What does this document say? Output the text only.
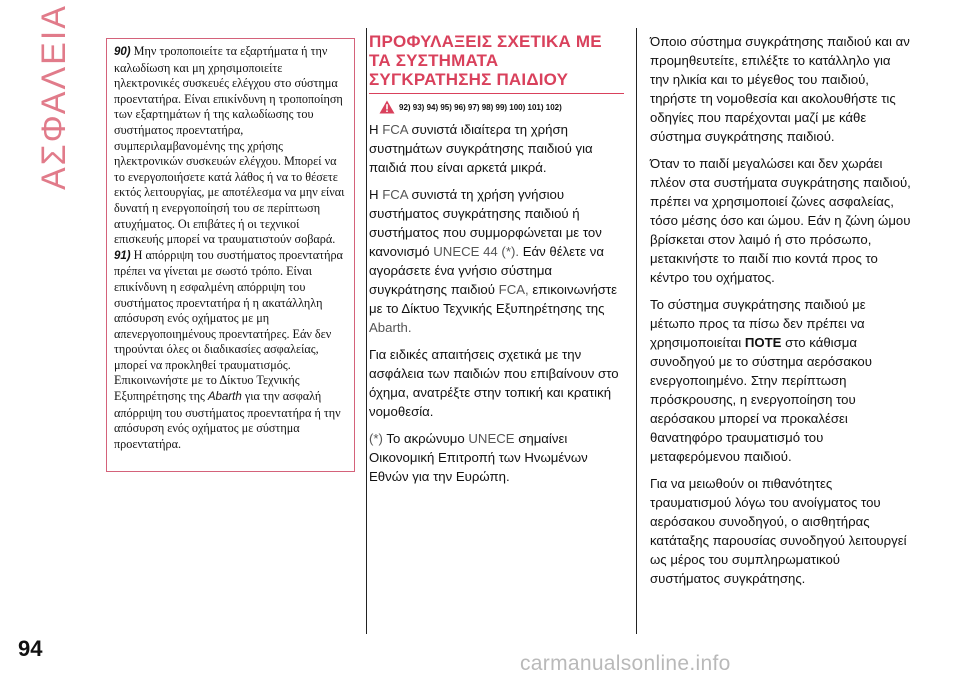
ΑΣΦΑΛΕΙΑ
94

90) Μην τροποποιείτε τα εξαρτήματα ή την καλωδίωση και μη χρησιμοποιείτε ηλεκτρονικές συσκευές ελέγχου στο σύστημα προεντατήρα. Είναι επικίνδυνη η τροποποίηση των εξαρτημάτων ή της καλωδίωσης του συστήματος προεντατήρα, συμπεριλαμβανομένης της χρήσης ηλεκτρονικών συσκευών ελέγχου. Μπορεί να το ενεργοποιήσετε κατά λάθος ή να το θέσετε εκτός λειτουργίας, με αποτέλεσμα να μην είναι δυνατή η ενεργοποίησή του σε περίπτωση ατυχήματος. Οι επιβάτες ή οι τεχνικοί επισκευής μπορεί να τραυματιστούν σοβαρά.

91) Η απόρριψη του συστήματος προεντατήρα πρέπει να γίνεται με σωστό τρόπο. Είναι επικίνδυνη η εσφαλμένη απόρριψη του συστήματος προεντατήρα ή η ακατάλληλη απόσυρση ενός οχήματος με μη απενεργοποιημένους προεντατήρες. Εάν δεν τηρούνται όλες οι διαδικασίες ασφαλείας, μπορεί να προκληθεί τραυματισμός. Επικοινωνήστε με το Δίκτυο Τεχνικής Εξυπηρέτησης της Abarth για την ασφαλή απόρριψη του συστήματος προεντατήρα ή την απόσυρση ενός οχήματος με σύστημα προεντατήρα.

ΠΡΟΦΥΛΑΞΕΙΣ ΣΧΕΤΙΚΑ ΜΕ
ΤΑ ΣΥΣΤΗΜΑΤΑ
ΣΥΓΚΡΑΤΗΣΗΣ ΠΑΙΔΙΟΥ
92) 93) 94) 95) 96) 97) 98) 99) 100) 101) 102)

Η FCA συνιστά ιδιαίτερα τη χρήση συστημάτων συγκράτησης παιδιού για παιδιά που είναι αρκετά μικρά.

Η FCA συνιστά τη χρήση γνήσιου συστήματος συγκράτησης παιδιού ή συστήματος που συμμορφώνεται με τον κανονισμό UNECE 44 (*). Εάν θέλετε να αγοράσετε ένα γνήσιο σύστημα συγκράτησης παιδιού FCA, επικοινωνήστε με το Δίκτυο Τεχνικής Εξυπηρέτησης της Abarth.

Για ειδικές απαιτήσεις σχετικά με την ασφάλεια των παιδιών που επιβαίνουν στο όχημα, ανατρέξτε στην τοπική και κρατική νομοθεσία.

(*) Το ακρώνυμο UNECE σημαίνει Οικονομική Επιτροπή των Ηνωμένων Εθνών για την Ευρώπη.

Όποιο σύστημα συγκράτησης παιδιού και αν προμηθευτείτε, επιλέξτε το κατάλληλο για την ηλικία και το μέγεθος του παιδιού, τηρήστε τη νομοθεσία και ακολουθήστε τις οδηγίες που παρέχονται μαζί με κάθε σύστημα συγκράτησης παιδιού.

Όταν το παιδί μεγαλώσει και δεν χωράει πλέον στα συστήματα συγκράτησης παιδιού, πρέπει να χρησιμοποιεί ζώνες ασφαλείας, τόσο μέσης όσο και ώμου. Εάν η ζώνη ώμου βρίσκεται στον λαιμό ή στο πρόσωπο, μετακινήστε το παιδί πιο κοντά προς το κέντρο του οχήματος.

Το σύστημα συγκράτησης παιδιού με μέτωπο προς τα πίσω δεν πρέπει να χρησιμοποιείται ΠΟΤΕ στο κάθισμα συνοδηγού με το σύστημα αερόσακου ενεργοποιημένο. Στην περίπτωση πρόσκρουσης, η ενεργοποίηση του αερόσακου μπορεί να προκαλέσει θανατηφόρο τραυματισμό του μεταφερόμενου παιδιού.

Για να μειωθούν οι πιθανότητες τραυματισμού λόγω του ανοίγματος του αερόσακου συνοδηγού, ο αισθητήρας κατάταξης παρουσίας συνοδηγού λειτουργεί ως μέρος του συμπληρωματικού συστήματος συγκράτησης.

carmanualsonline.info
